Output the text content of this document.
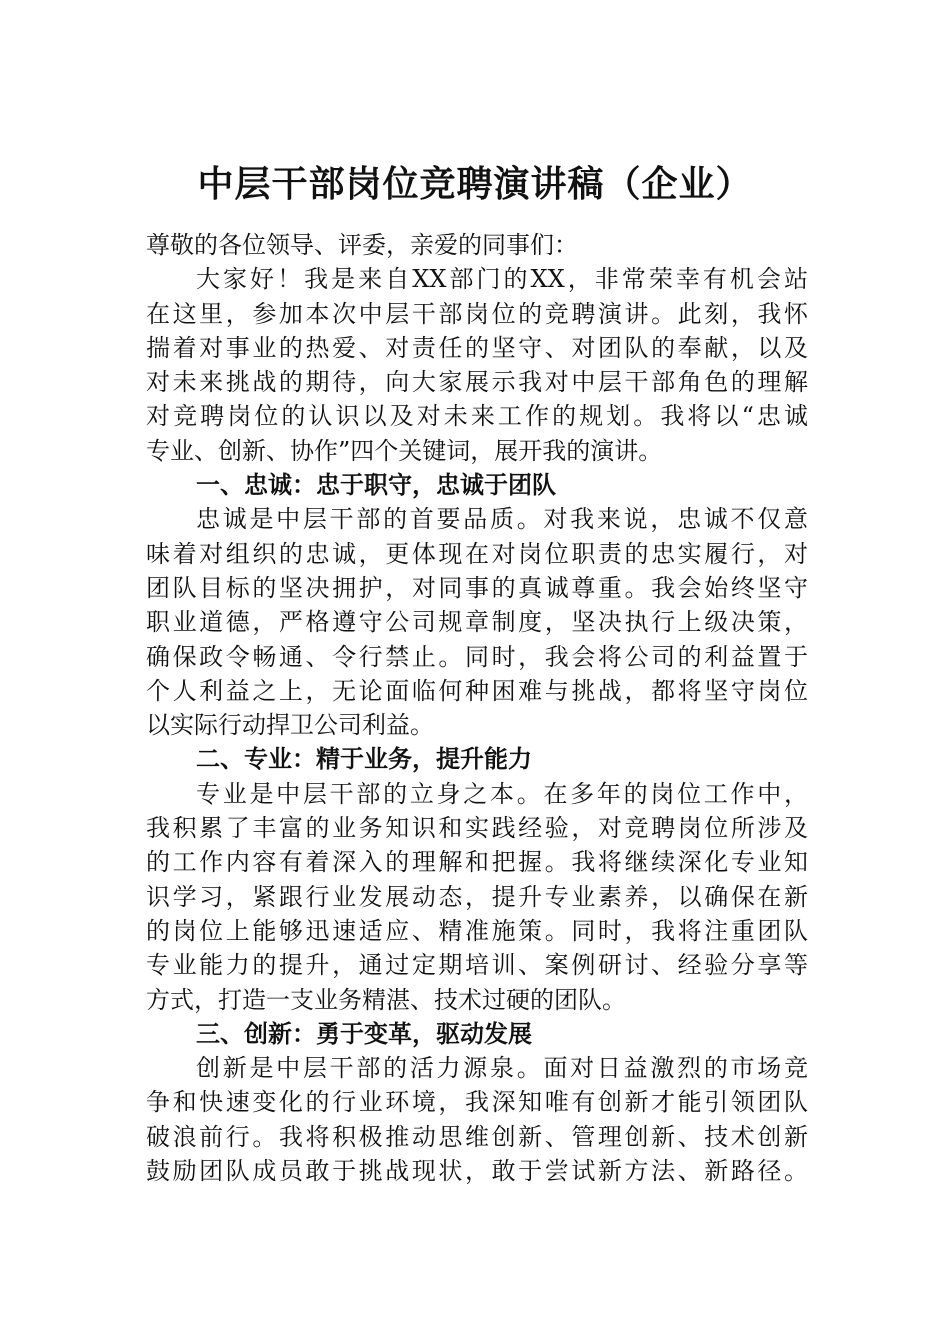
中层干部岗位竞聘演讲稿（企业）
尊敬的各位领导、评委，亲爱的同事们：
大家好！我是来自XX部门的XX，非常荣幸有机会站
在这里，参加本次中层干部岗位的竞聘演讲。此刻，我怀
揣着对事业的热爱、对责任的坚守、对团队的奉献，以及
对未来挑战的期待，向大家展示我对中层干部角色的理解
对竞聘岗位的认识以及对未来工作的规划。我将以“忠诚
专业、创新、协作”四个关键词，展开我的演讲。
一、忠诚：忠于职守，忠诚于团队
忠诚是中层干部的首要品质。对我来说，忠诚不仅意
味着对组织的忠诚，更体现在对岗位职责的忠实履行，对
团队目标的坚决拥护，对同事的真诚尊重。我会始终坚守
职业道德，严格遵守公司规章制度，坚决执行上级决策，
确保政令畅通、令行禁止。同时，我会将公司的利益置于
个人利益之上，无论面临何种困难与挑战，都将坚守岗位
以实际行动捍卫公司利益。
二、专业：精于业务，提升能力
专业是中层干部的立身之本。在多年的岗位工作中，
我积累了丰富的业务知识和实践经验，对竞聘岗位所涉及
的工作内容有着深入的理解和把握。我将继续深化专业知
识学习，紧跟行业发展动态，提升专业素养，以确保在新
的岗位上能够迅速适应、精准施策。同时，我将注重团队
专业能力的提升，通过定期培训、案例研讨、经验分享等
方式，打造一支业务精湛、技术过硬的团队。
三、创新：勇于变革，驱动发展
创新是中层干部的活力源泉。面对日益激烈的市场竞
争和快速变化的行业环境，我深知唯有创新才能引领团队
破浪前行。我将积极推动思维创新、管理创新、技术创新
鼓励团队成员敢于挑战现状，敢于尝试新方法、新路径。
